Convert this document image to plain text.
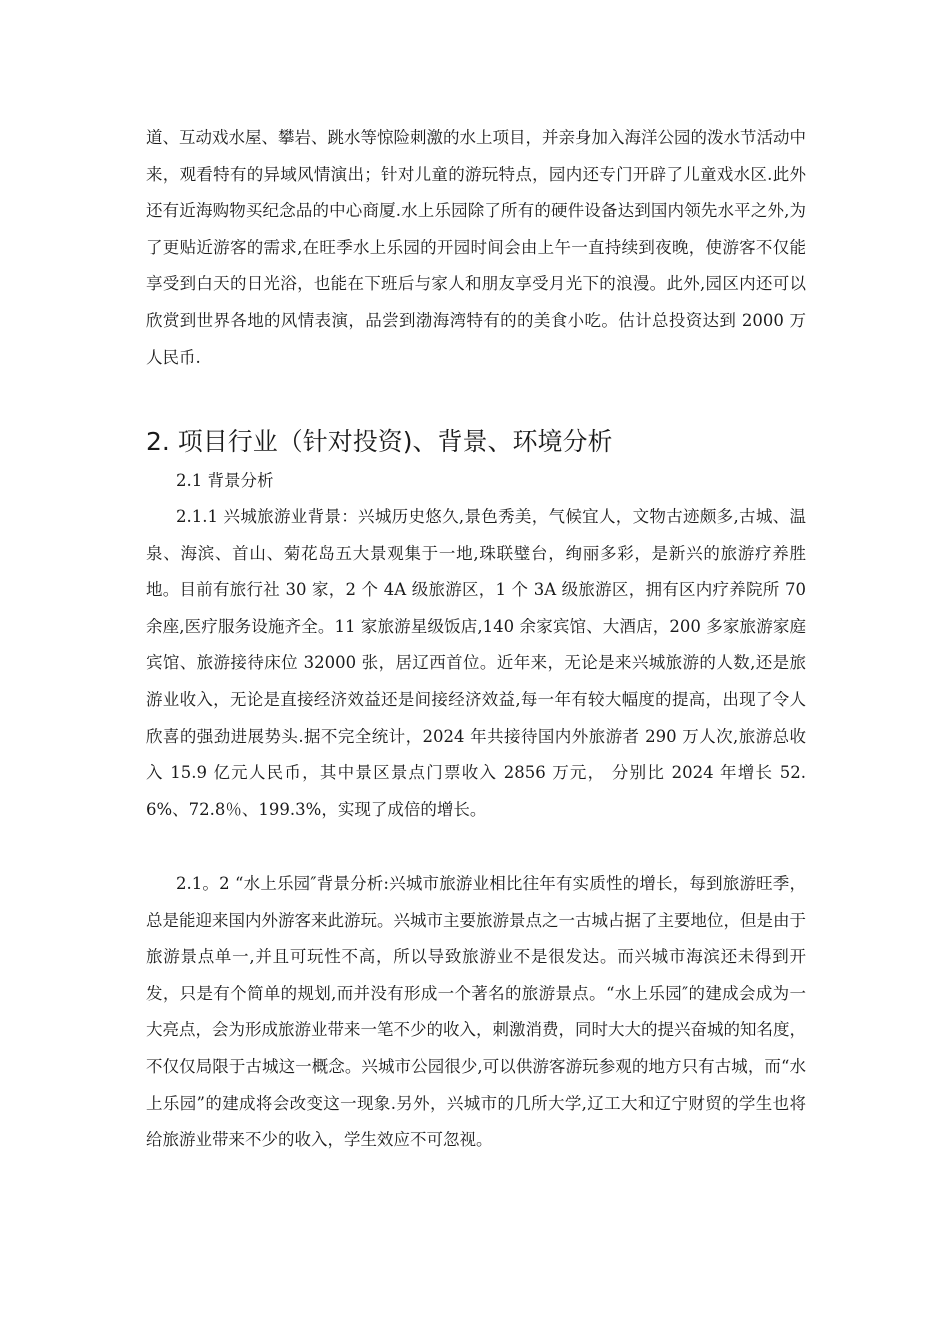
道、互动戏水屋、攀岩、跳水等惊险刺激的水上项目，并亲身加入海洋公园的泼水节活动中来，观看特有的异域风情演出；针对儿童的游玩特点，园内还专门开辟了儿童戏水区.此外还有近海购物买纪念品的中心商厦.水上乐园除了所有的硬件设备达到国内领先水平之外,为了更贴近游客的需求,在旺季水上乐园的开园时间会由上午一直持续到夜晚，使游客不仅能享受到白天的日光浴，也能在下班后与家人和朋友享受月光下的浪漫。此外,园区内还可以欣赏到世界各地的风情表演，品尝到渤海湾特有的的美食小吃。估计总投资达到 2000 万人民币.

2. 项目行业（针对投资)、背景、环境分析

2.1 背景分析

2.1.1 兴城旅游业背景：兴城历史悠久,景色秀美，气候宜人，文物古迹颇多,古城、温泉、海滨、首山、菊花岛五大景观集于一地,珠联璧台，绚丽多彩，是新兴的旅游疗养胜地。目前有旅行社 30 家，2 个 4A 级旅游区，1 个 3A 级旅游区，拥有区内疗养院所 70 余座,医疗服务设施齐全。11 家旅游星级饭店,140 余家宾馆、大酒店，200 多家旅游家庭宾馆、旅游接待床位 32000 张，居辽西首位。近年来，无论是来兴城旅游的人数,还是旅游业收入，无论是直接经济效益还是间接经济效益,每一年有较大幅度的提高，出现了令人欣喜的强劲进展势头.据不完全统计，2024 年共接待国内外旅游者 290 万人次,旅游总收入 15.9 亿元人民币，其中景区景点门票收入 2856 万元， 分别比 2024 年增长 52.6%、72.8％、199.3%，实现了成倍的增长。

2.1。2 “水上乐园″背景分析:兴城市旅游业相比往年有实质性的增长，每到旅游旺季，总是能迎来国内外游客来此游玩。兴城市主要旅游景点之一古城占据了主要地位，但是由于旅游景点单一,并且可玩性不高，所以导致旅游业不是很发达。而兴城市海滨还未得到开发，只是有个简单的规划,而并没有形成一个著名的旅游景点。“水上乐园″的建成会成为一大亮点，会为形成旅游业带来一笔不少的收入，刺激消费，同时大大的提兴奋城的知名度，不仅仅局限于古城这一概念。兴城市公园很少,可以供游客游玩参观的地方只有古城，而“水上乐园”的建成将会改变这一现象.另外，兴城市的几所大学,辽工大和辽宁财贸的学生也将给旅游业带来不少的收入，学生效应不可忽视。
